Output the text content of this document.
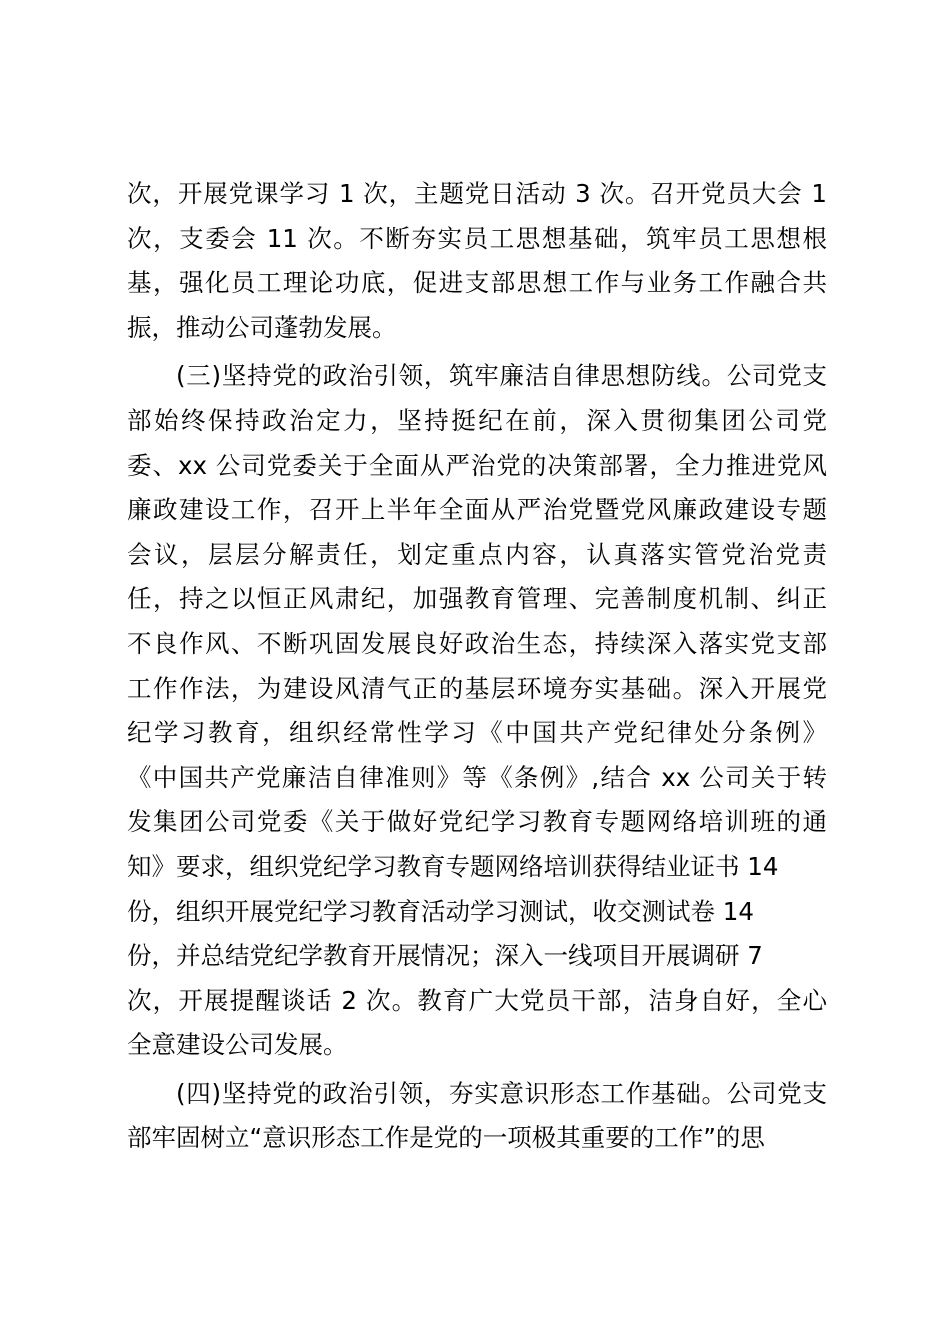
次，开展党课学习 1 次，主题党日活动 3 次。召开党员大会 1
次，支委会 11 次。不断夯实员工思想基础，筑牢员工思想根
基，强化员工理论功底，促进支部思想工作与业务工作融合共
振，推动公司蓬勃发展。
(三)坚持党的政治引领，筑牢廉洁自律思想防线。公司党支
部始终保持政治定力，坚持挺纪在前，深入贯彻集团公司党
委、xx 公司党委关于全面从严治党的决策部署，全力推进党风
廉政建设工作，召开上半年全面从严治党暨党风廉政建设专题
会议，层层分解责任，划定重点内容，认真落实管党治党责
任，持之以恒正风肃纪，加强教育管理、完善制度机制、纠正
不良作风、不断巩固发展良好政治生态，持续深入落实党支部
工作作法，为建设风清气正的基层环境夯实基础。深入开展党
纪学习教育，组织经常性学习《中国共产党纪律处分条例》
《中国共产党廉洁自律准则》等《条例》,结合 xx 公司关于转
发集团公司党委《关于做好党纪学习教育专题网络培训班的通
知》要求，组织党纪学习教育专题网络培训获得结业证书 14
份，组织开展党纪学习教育活动学习测试，收交测试卷 14
份，并总结党纪学教育开展情况；深入一线项目开展调研 7
次，开展提醒谈话 2 次。教育广大党员干部，洁身自好，全心
全意建设公司发展。
(四)坚持党的政治引领，夯实意识形态工作基础。公司党支
部牢固树立“意识形态工作是党的一项极其重要的工作”的思
